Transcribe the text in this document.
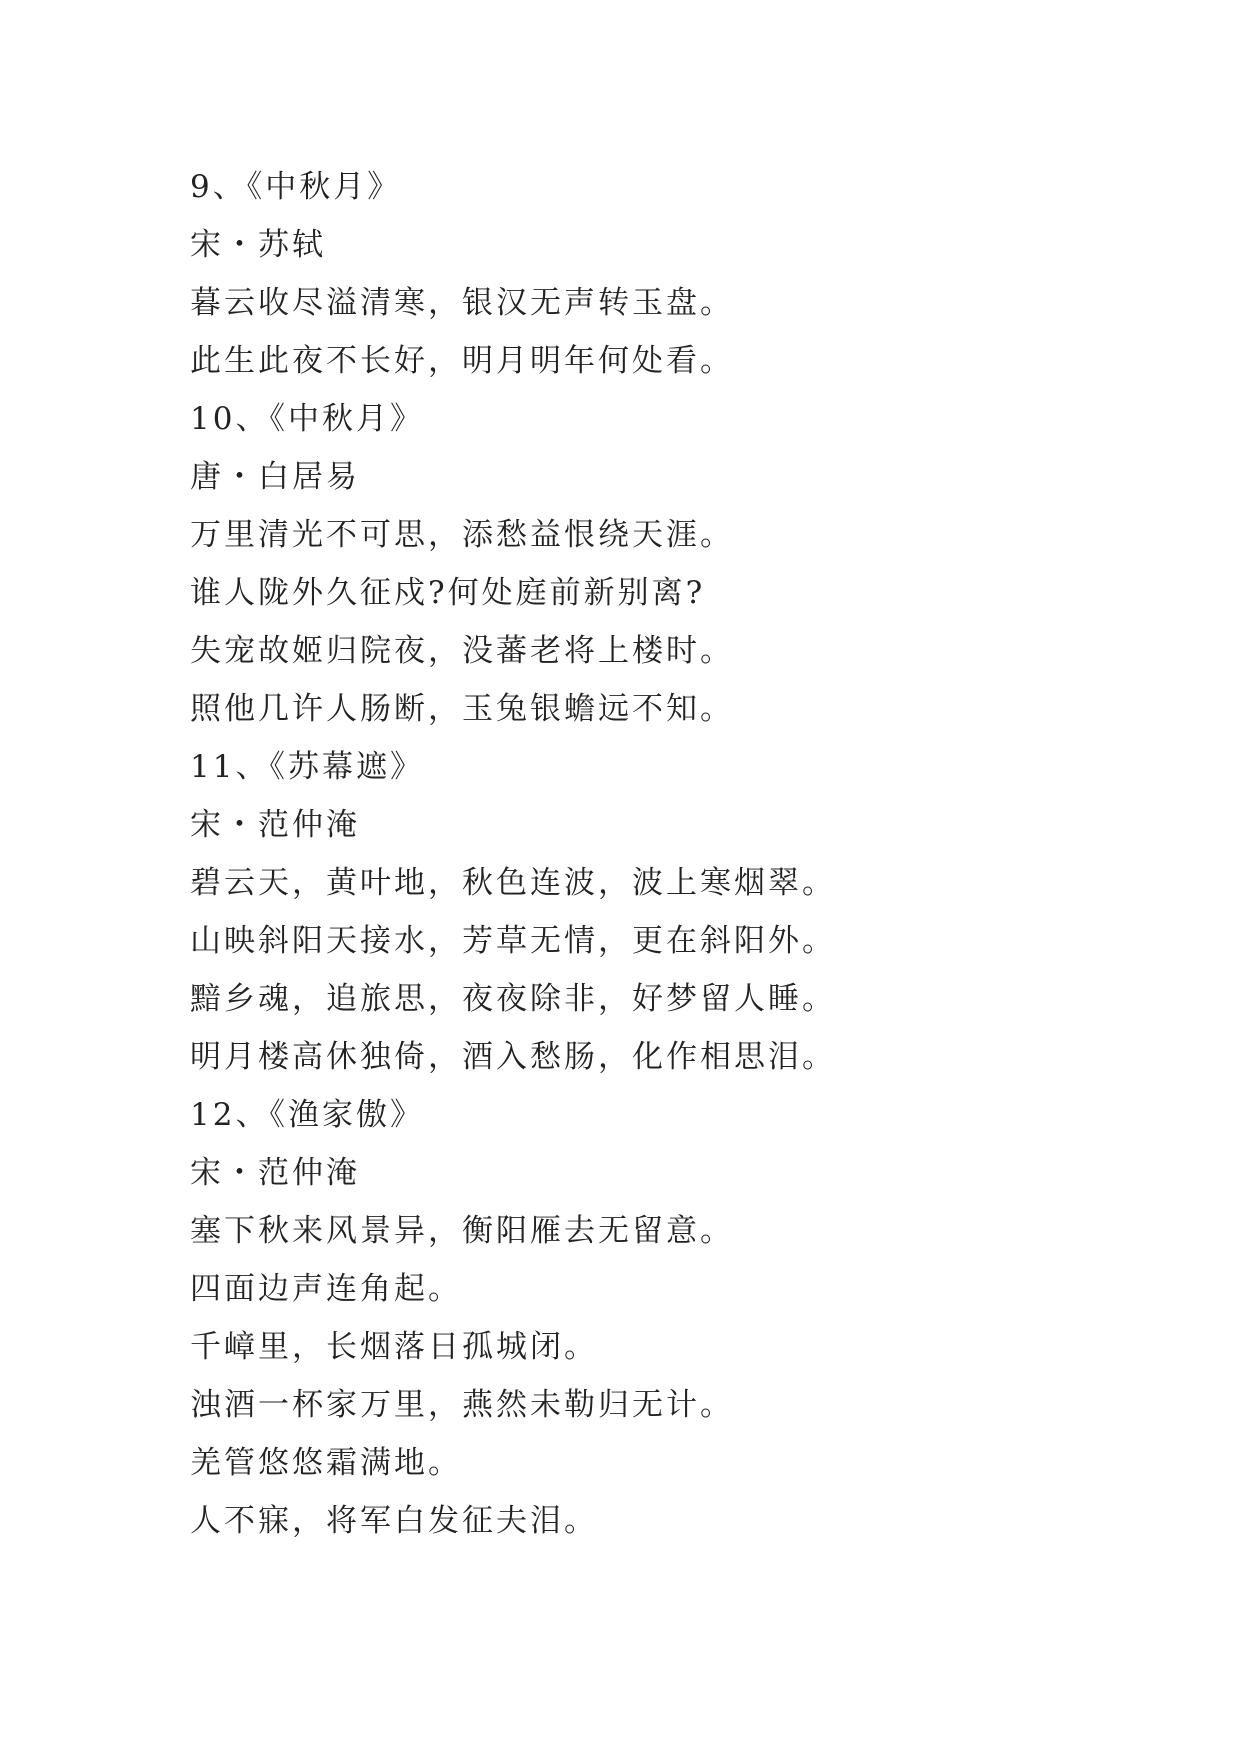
9、《中秋月》
宋・苏轼
暮云收尽溢清寒，银汉无声转玉盘。
此生此夜不长好，明月明年何处看。
10、《中秋月》
唐・白居易
万里清光不可思，添愁益恨绕天涯。
谁人陇外久征戍?何处庭前新别离?
失宠故姬归院夜，没蕃老将上楼时。
照他几许人肠断，玉兔银蟾远不知。
11、《苏幕遮》
宋・范仲淹
碧云天，黄叶地，秋色连波，波上寒烟翠。
山映斜阳天接水，芳草无情，更在斜阳外。
黯乡魂，追旅思，夜夜除非，好梦留人睡。
明月楼高休独倚，酒入愁肠，化作相思泪。
12、《渔家傲》
宋・范仲淹
塞下秋来风景异，衡阳雁去无留意。
四面边声连角起。
千嶂里，长烟落日孤城闭。
浊酒一杯家万里，燕然未勒归无计。
羌管悠悠霜满地。
人不寐，将军白发征夫泪。
